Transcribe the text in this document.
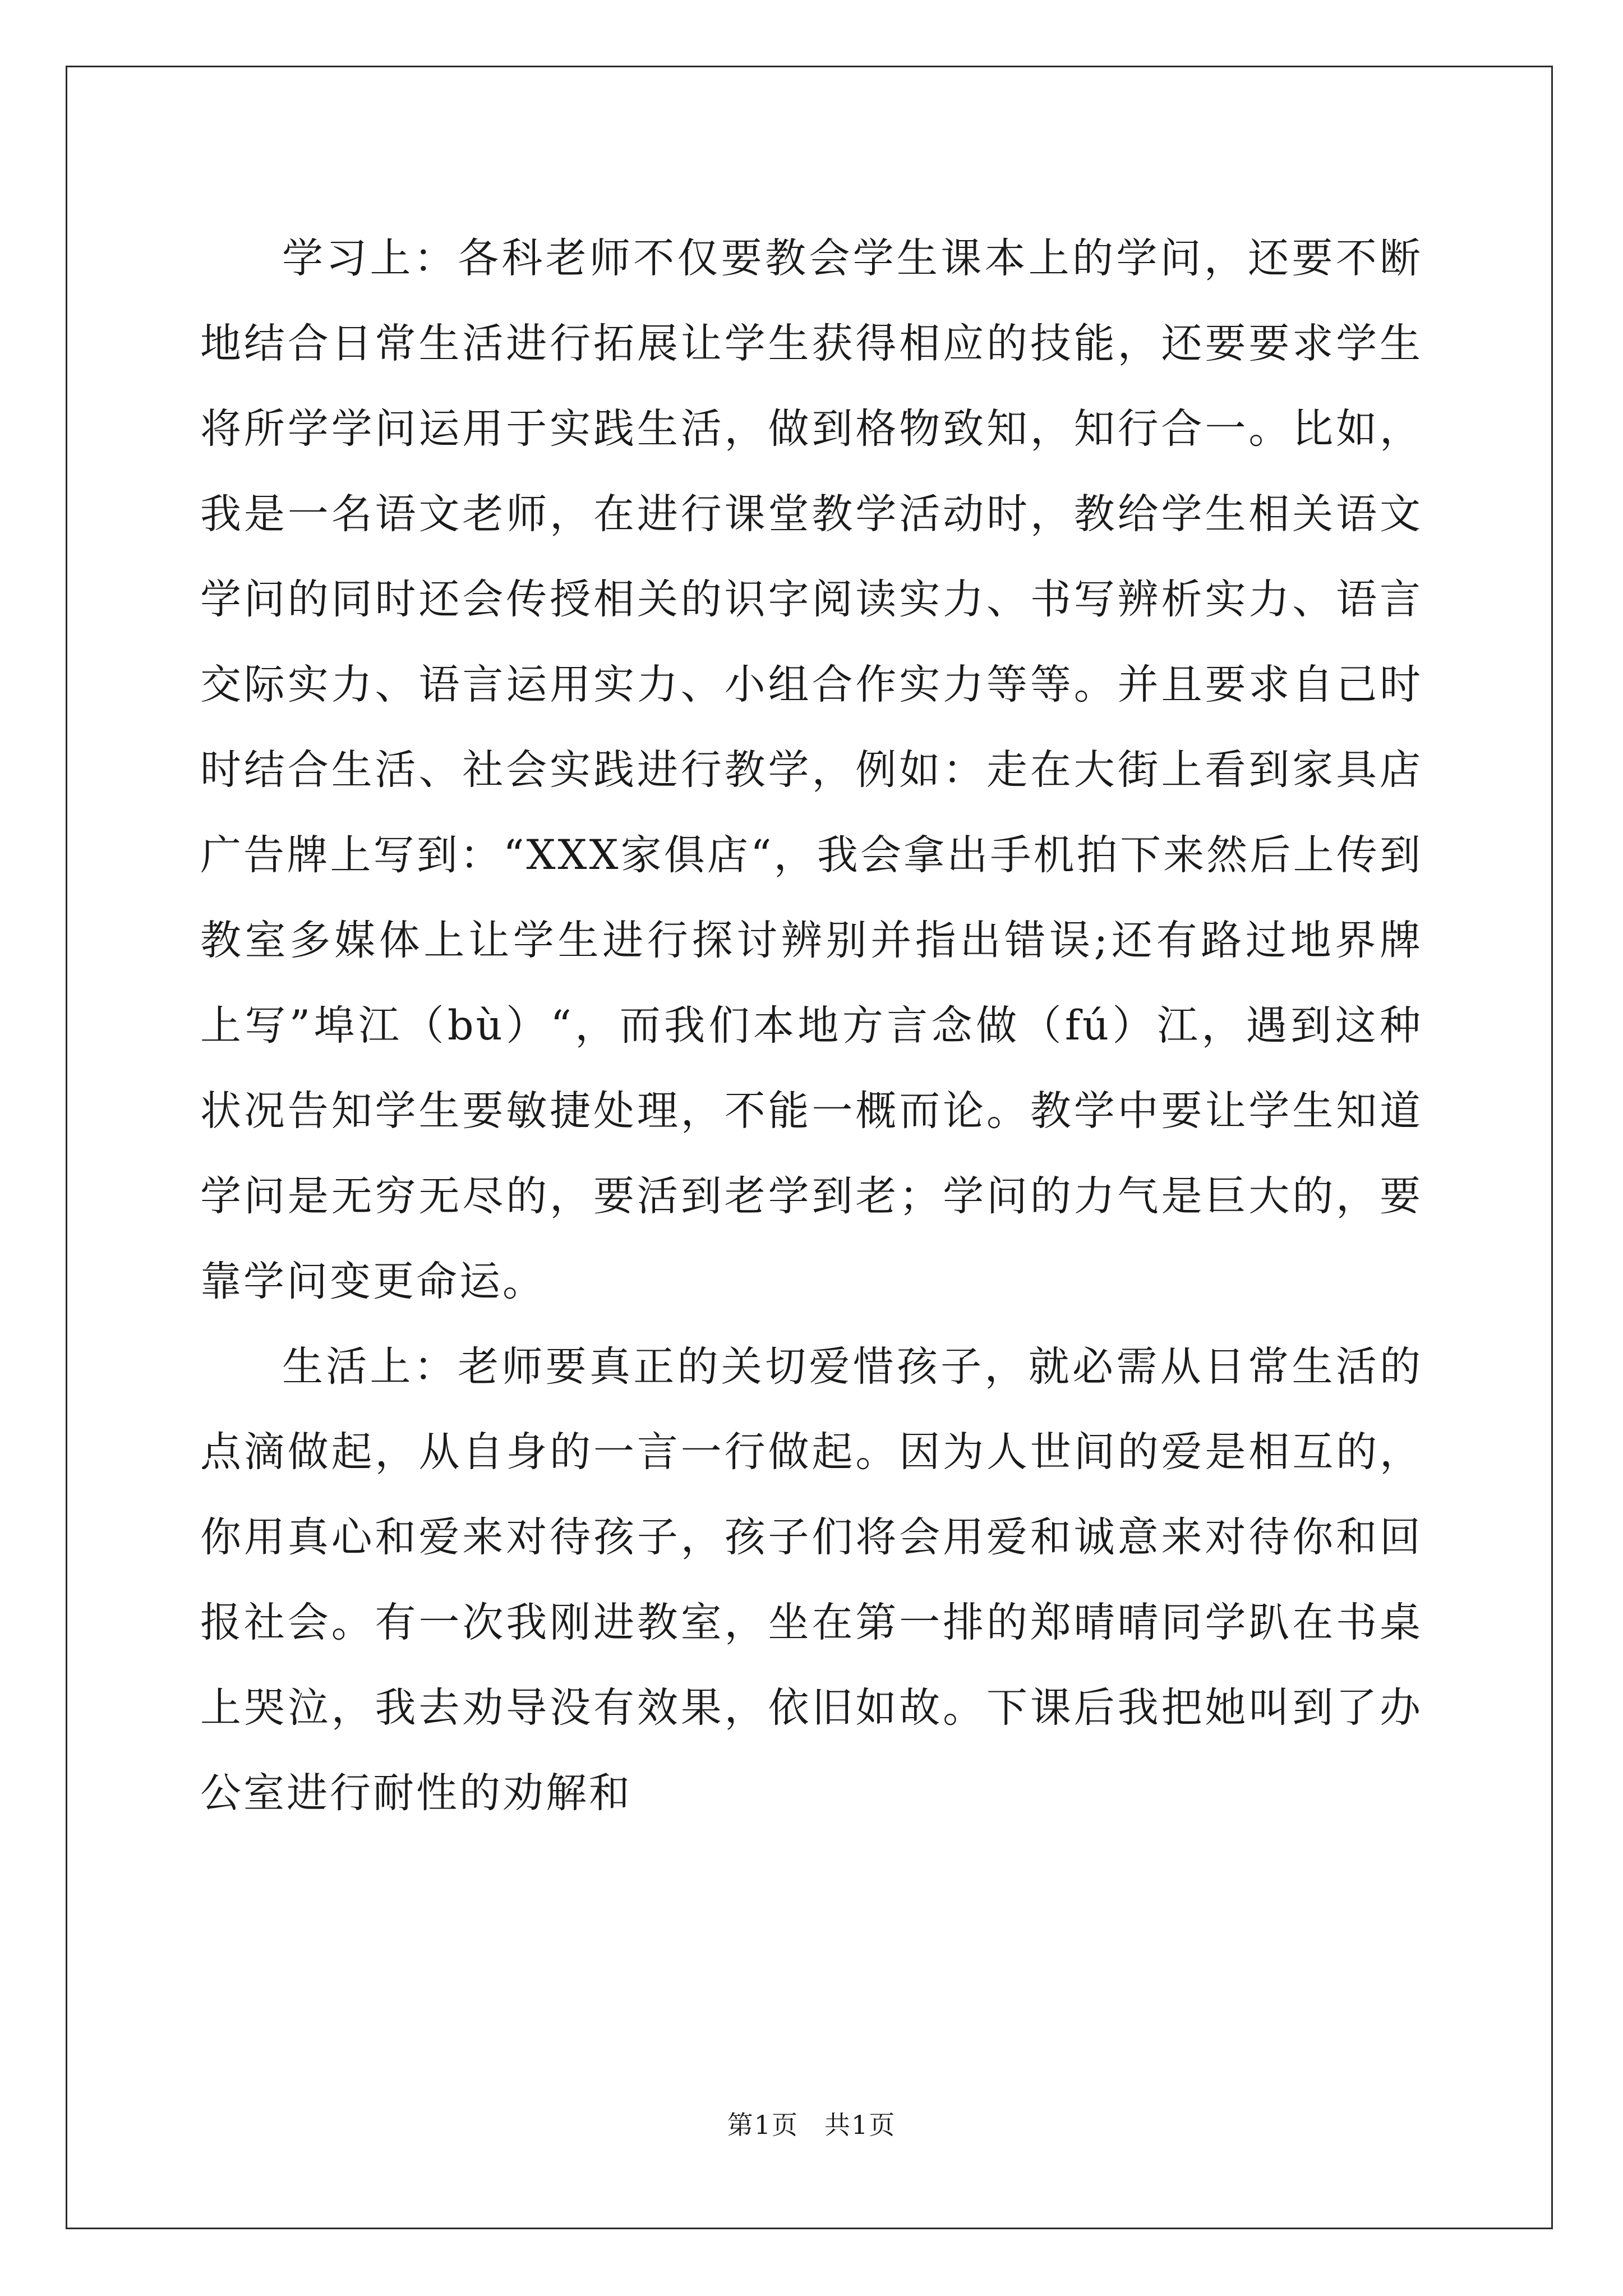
学习上：各科老师不仅要教会学生课本上的学问，还要不断地结合日常生活进行拓展让学生获得相应的技能，还要要求学生将所学学问运用于实践生活，做到格物致知，知行合一。比如，我是一名语文老师，在进行课堂教学活动时，教给学生相关语文学问的同时还会传授相关的识字阅读实力、书写辨析实力、语言交际实力、语言运用实力、小组合作实力等等。并且要求自己时时结合生活、社会实践进行教学，例如：走在大街上看到家具店广告牌上写到：“XXX家俱店“，我会拿出手机拍下来然后上传到教室多媒体上让学生进行探讨辨别并指出错误;还有路过地界牌上写”埠江（bù）“，而我们本地方言念做（fú）江，遇到这种状况告知学生要敏捷处理，不能一概而论。教学中要让学生知道学问是无穷无尽的，要活到老学到老；学问的力气是巨大的，要靠学问变更命运。

生活上：老师要真正的关切爱惜孩子，就必需从日常生活的点滴做起，从自身的一言一行做起。因为人世间的爱是相互的，你用真心和爱来对待孩子，孩子们将会用爱和诚意来对待你和回报社会。有一次我刚进教室，坐在第一排的郑晴晴同学趴在书桌上哭泣，我去劝导没有效果，依旧如故。下课后我把她叫到了办公室进行耐性的劝解和

第1页 共1页
